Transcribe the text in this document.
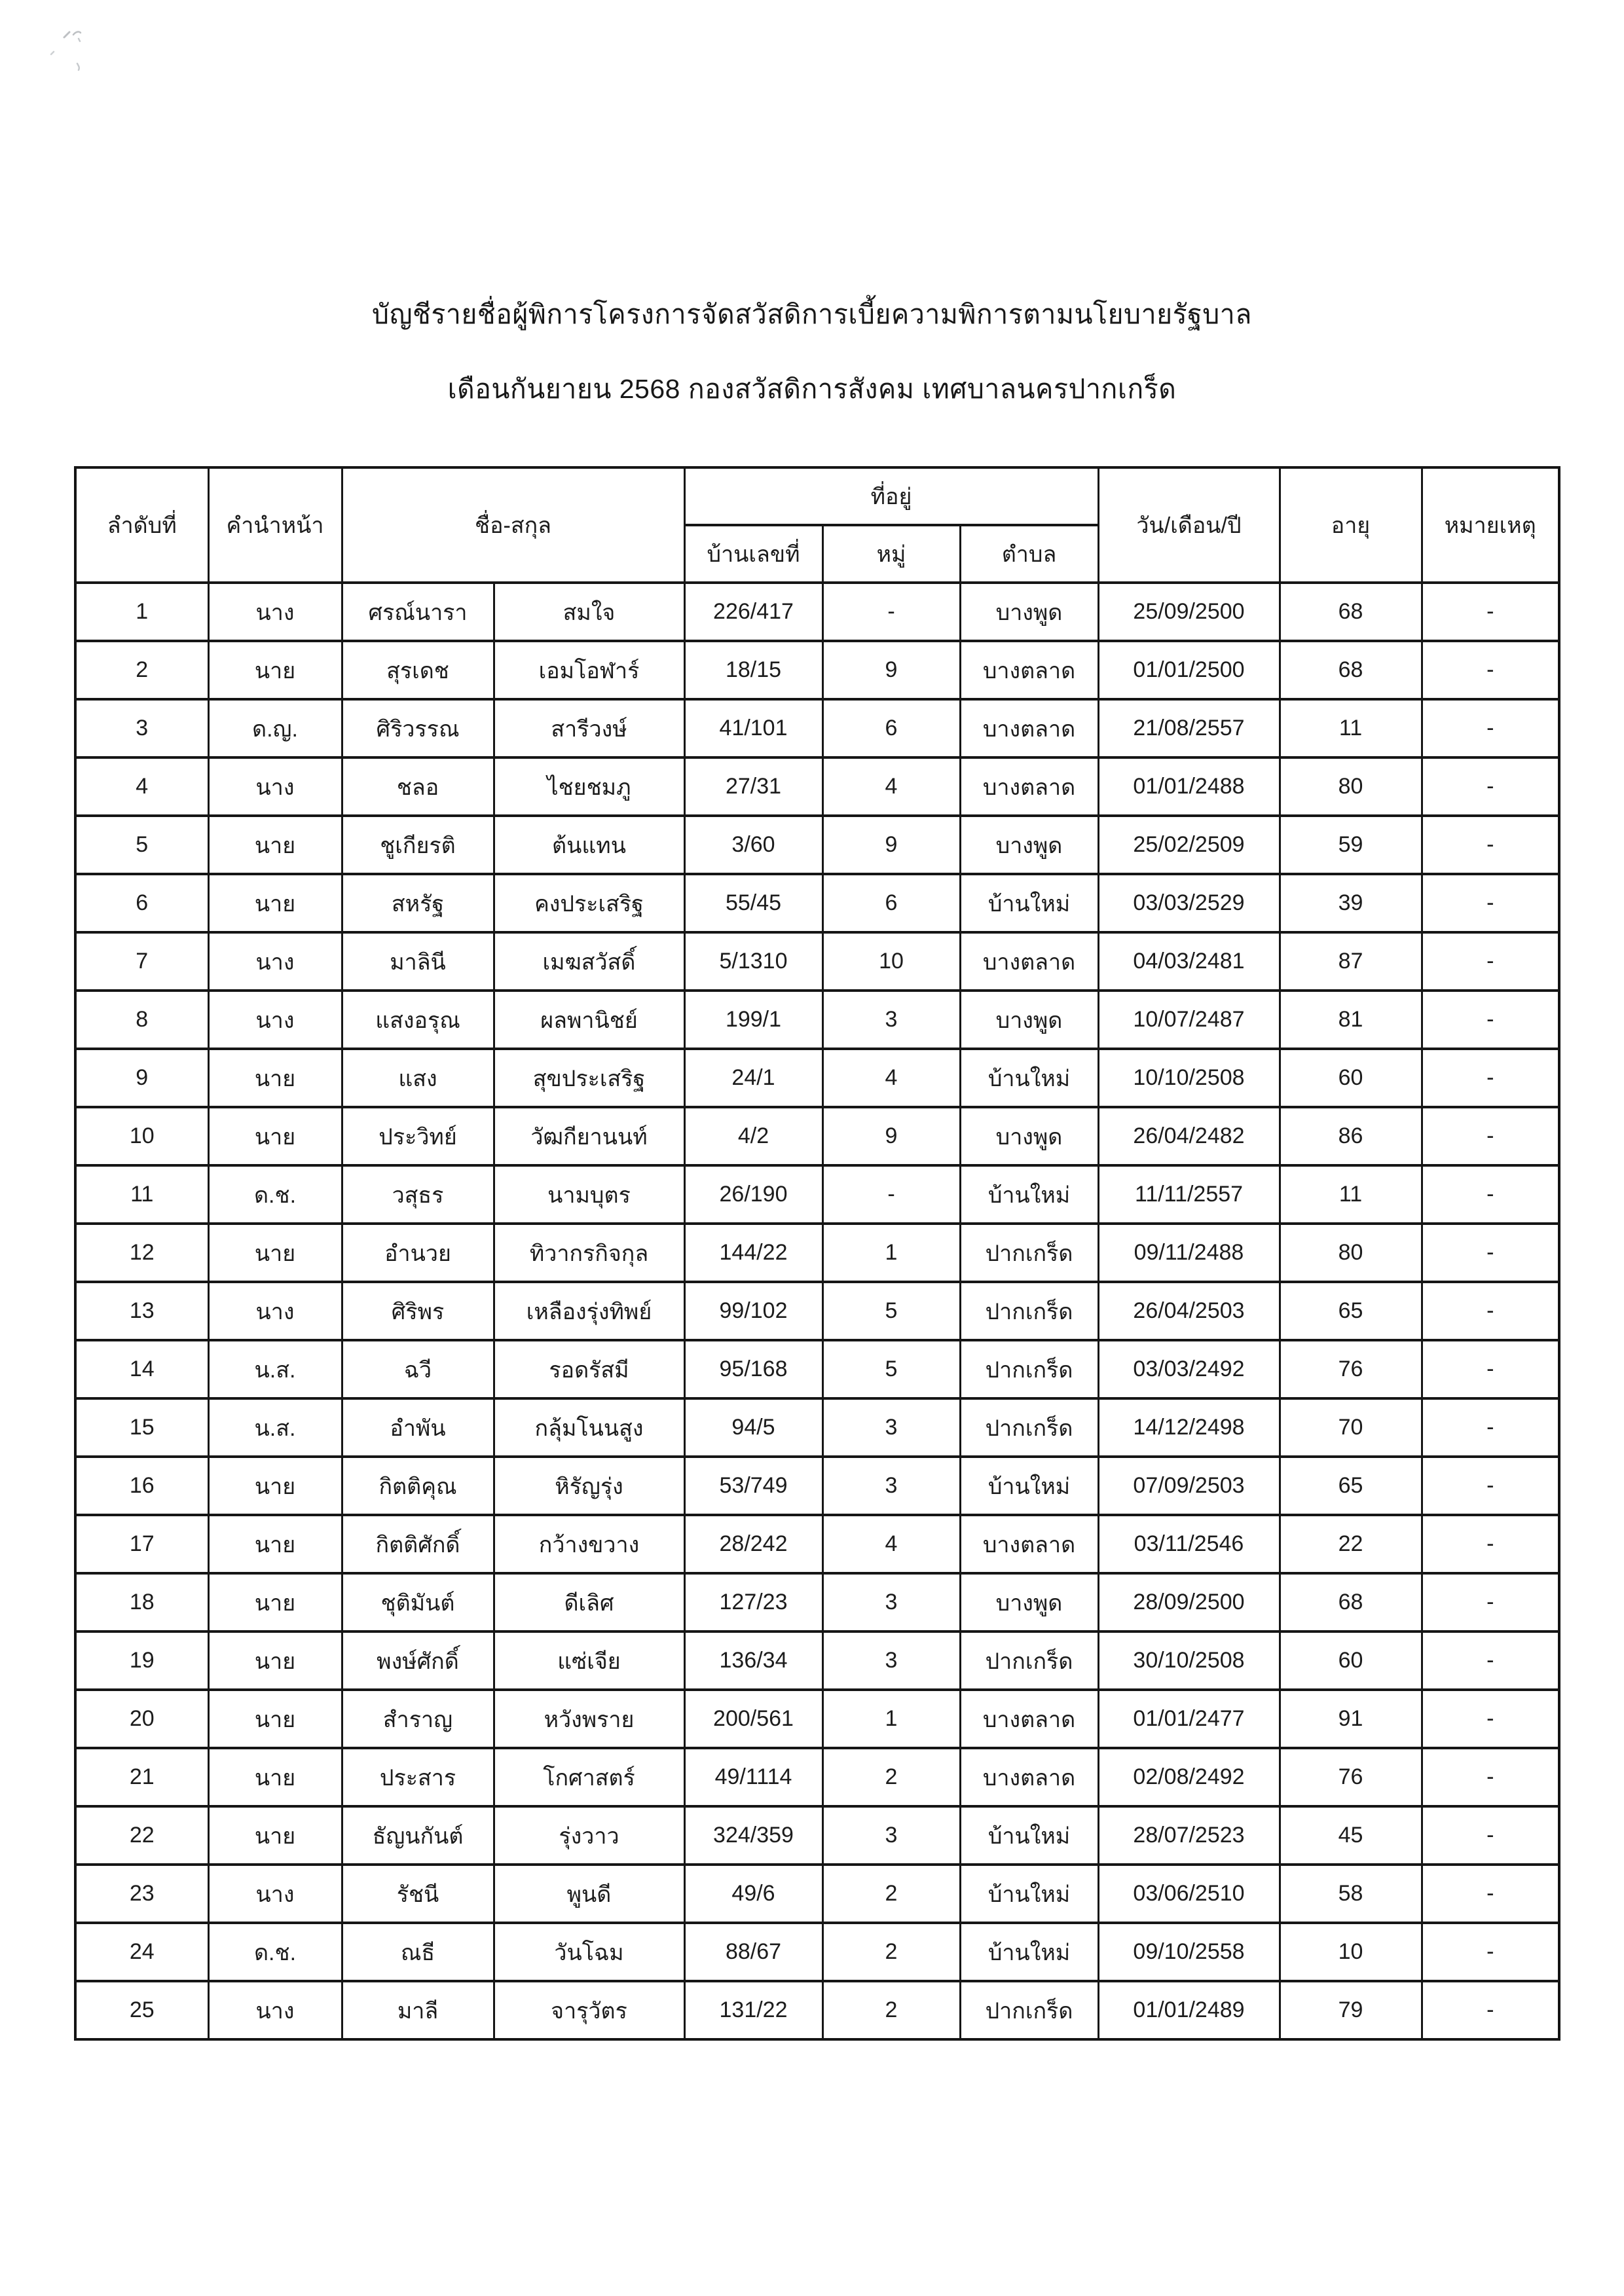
บัญชีรายชื่อผู้พิการโครงการจัดสวัสดิการเบี้ยความพิการตามนโยบายรัฐบาล
เดือนกันยายน 2568 กองสวัสดิการสังคม เทศบาลนครปากเกร็ด
ลำดับที่	คำนำหน้า	ชื่อ-สกุล		ที่อยู่			วัน/เดือน/ปี	อายุ	หมายเหตุ
				บ้านเลขที่	หมู่	ตำบล			
1	นาง	ศรณ์นารา	สมใจ	226/417	-	บางพูด	25/09/2500	68	-
2	นาย	สุรเดช	เอมโอฬาร์	18/15	9	บางตลาด	01/01/2500	68	-
3	ด.ญ.	ศิริวรรณ	สารีวงษ์	41/101	6	บางตลาด	21/08/2557	11	-
4	นาง	ชลอ	ไชยชมภู	27/31	4	บางตลาด	01/01/2488	80	-
5	นาย	ชูเกียรติ	ต้นแทน	3/60	9	บางพูด	25/02/2509	59	-
6	นาย	สหรัฐ	คงประเสริฐ	55/45	6	บ้านใหม่	03/03/2529	39	-
7	นาง	มาลินี	เมฆสวัสดิ์	5/1310	10	บางตลาด	04/03/2481	87	-
8	นาง	แสงอรุณ	ผลพานิชย์	199/1	3	บางพูด	10/07/2487	81	-
9	นาย	แสง	สุขประเสริฐ	24/1	4	บ้านใหม่	10/10/2508	60	-
10	นาย	ประวิทย์	วัฒกียานนท์	4/2	9	บางพูด	26/04/2482	86	-
11	ด.ช.	วสุธร	นามบุตร	26/190	-	บ้านใหม่	11/11/2557	11	-
12	นาย	อำนวย	ทิวากรกิจกุล	144/22	1	ปากเกร็ด	09/11/2488	80	-
13	นาง	ศิริพร	เหลืองรุ่งทิพย์	99/102	5	ปากเกร็ด	26/04/2503	65	-
14	น.ส.	ฉวี	รอดรัสมี	95/168	5	ปากเกร็ด	03/03/2492	76	-
15	น.ส.	อำพัน	กลุ้มโนนสูง	94/5	3	ปากเกร็ด	14/12/2498	70	-
16	นาย	กิตติคุณ	หิรัญรุ่ง	53/749	3	บ้านใหม่	07/09/2503	65	-
17	นาย	กิตติศักดิ์	กว้างขวาง	28/242	4	บางตลาด	03/11/2546	22	-
18	นาย	ชุติมันต์	ดีเลิศ	127/23	3	บางพูด	28/09/2500	68	-
19	นาย	พงษ์ศักดิ์	แซ่เจีย	136/34	3	ปากเกร็ด	30/10/2508	60	-
20	นาย	สำราญ	หวังพราย	200/561	1	บางตลาด	01/01/2477	91	-
21	นาย	ประสาร	โกศาสตร์	49/1114	2	บางตลาด	02/08/2492	76	-
22	นาย	ธัญนกันต์	รุ่งวาว	324/359	3	บ้านใหม่	28/07/2523	45	-
23	นาง	รัชนี	พูนดี	49/6	2	บ้านใหม่	03/06/2510	58	-
24	ด.ช.	ณธี	วันโฉม	88/67	2	บ้านใหม่	09/10/2558	10	-
25	นาง	มาลี	จารุวัตร	131/22	2	ปากเกร็ด	01/01/2489	79	-
